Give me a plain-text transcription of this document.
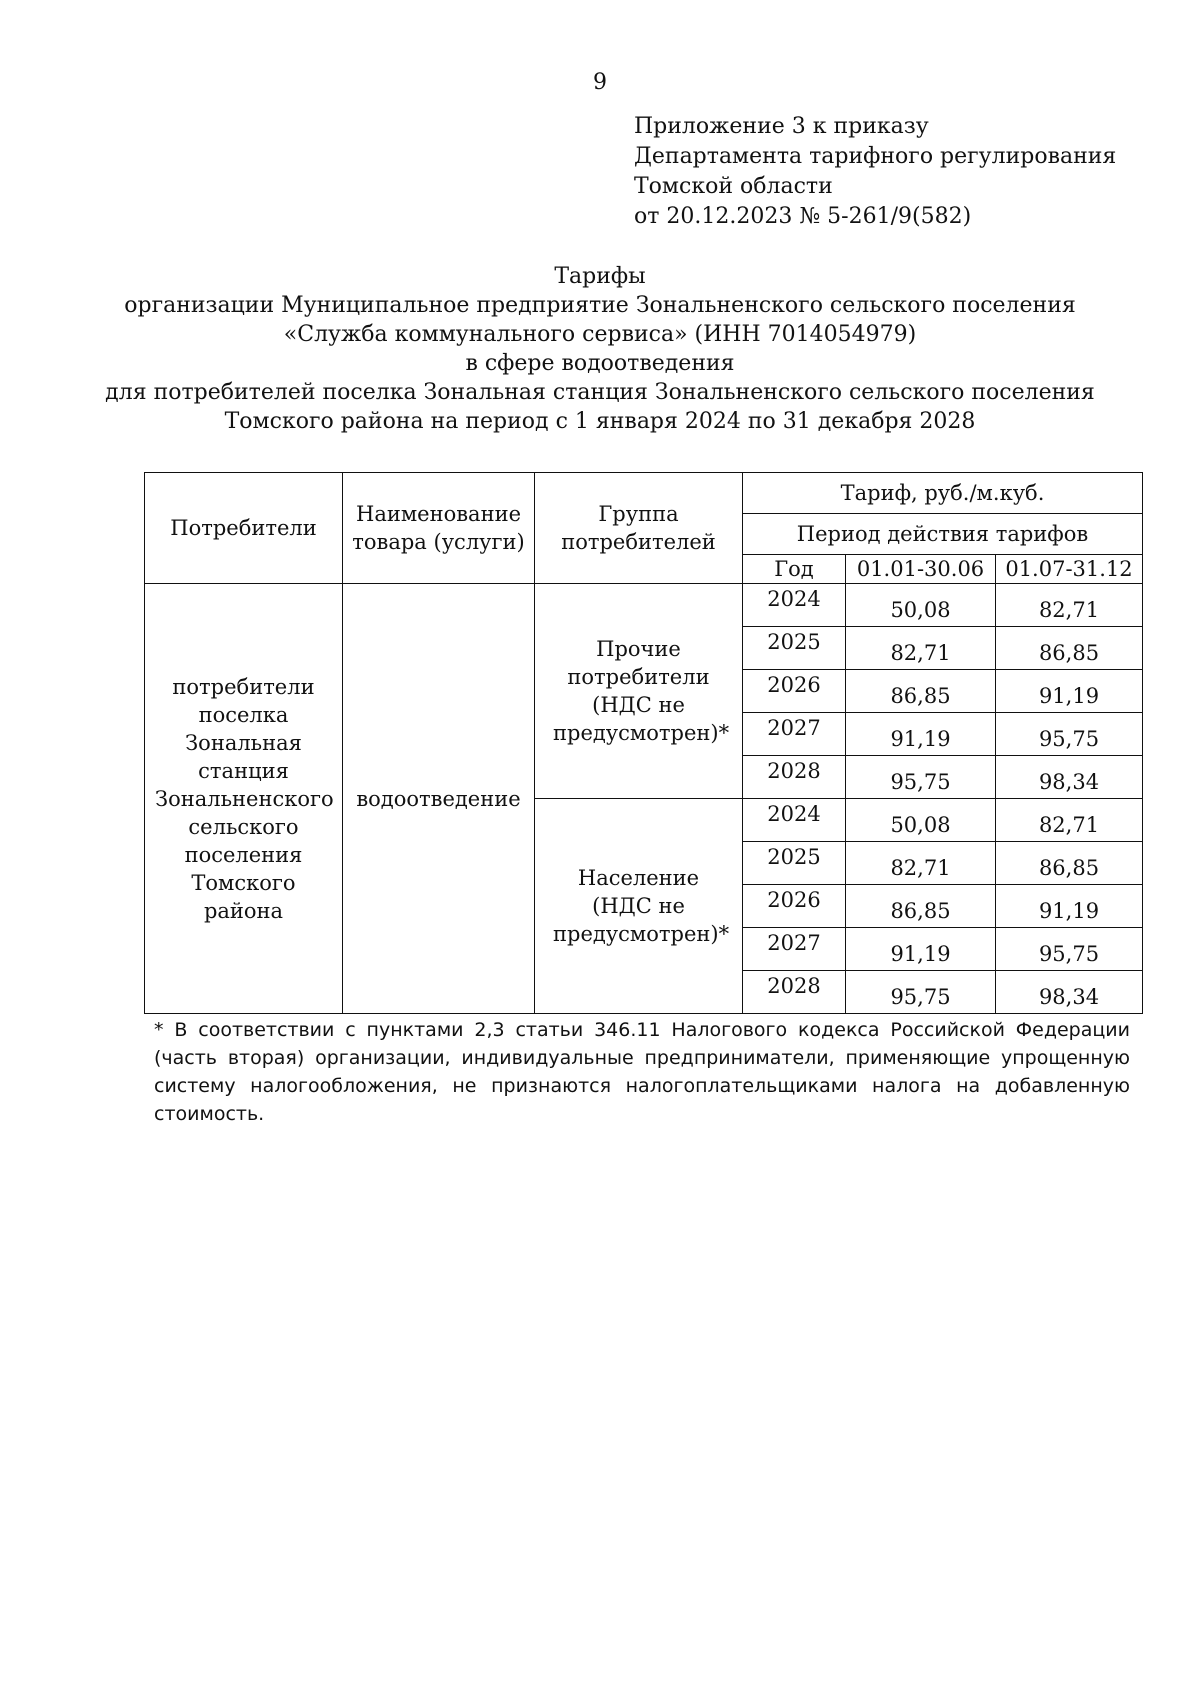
9
Приложение 3 к приказу
Департамента тарифного регулирования
Томской области
от 20.12.2023 № 5-261/9(582)
Тарифы
организации Муниципальное предприятие Зональненского сельского поселения
«Служба коммунального сервиса» (ИНН 7014054979)
в сфере водоотведения
для потребителей поселка Зональная станция Зональненского сельского поселения
Томского района на период с 1 января 2024 по 31 декабря 2028
Потребители	Наименование товара (услуги)	Группа потребителей	Тариф, руб./м.куб.		
			Период действия тарифов		
			Год	01.01-30.06	01.07-31.12
потребители поселка Зональная станция Зональненского сельского поселения Томского района	водоотведение	Прочие потребители (НДС не предусмотрен)*	2024	50,08	82,71
			2025	82,71	86,85
			2026	86,85	91,19
			2027	91,19	95,75
			2028	95,75	98,34
		Население (НДС не предусмотрен)*	2024	50,08	82,71
			2025	82,71	86,85
			2026	86,85	91,19
			2027	91,19	95,75
			2028	95,75	98,34
* В соответствии с пунктами 2,3 статьи 346.11 Налогового кодекса Российской Федерации (часть вторая) организации, индивидуальные предприниматели, применяющие упрощенную систему налогообложения, не признаются налогоплательщиками налога на добавленную стоимость.
